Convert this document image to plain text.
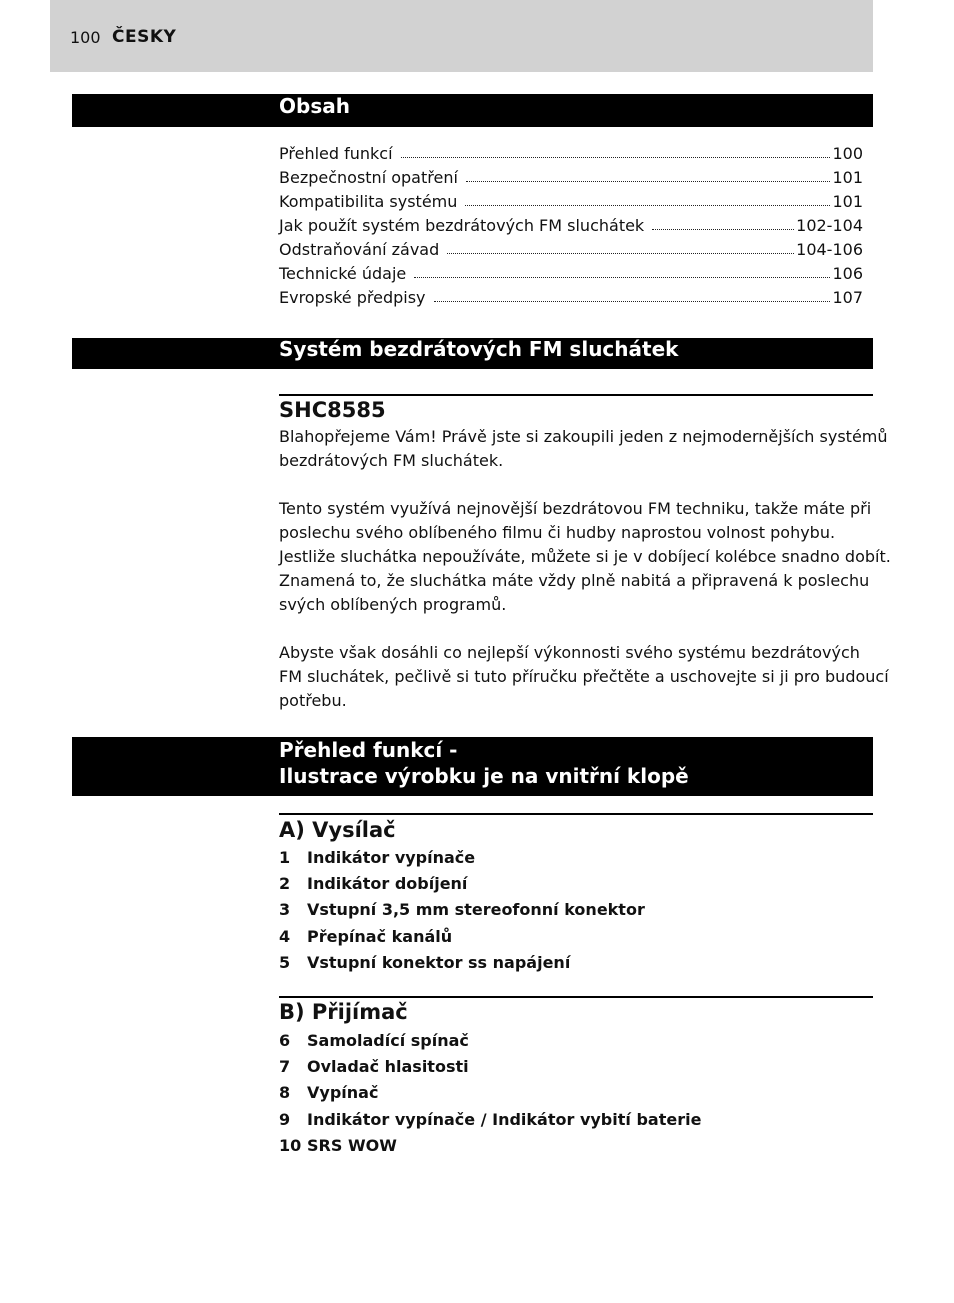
100 ČESKY
Obsah
Přehled funkcí	100
Bezpečnostní opatření	101
Kompatibilita systému	101
Jak použít systém bezdrátových FM sluchátek	102-104
Odstraňování závad	104-106
Technické údaje	106
Evropské předpisy	107
Systém bezdrátových FM sluchátek
SHC8585
Blahopřejeme Vám! Právě jste si zakoupili jeden z nejmodernějších systémů
bezdrátových FM sluchátek.
Tento systém využívá nejnovější bezdrátovou FM techniku, takže máte při
poslechu svého oblíbeného filmu či hudby naprostou volnost pohybu.
Jestliže sluchátka nepoužíváte, můžete si je v dobíjecí kolébce snadno dobít.
Znamená to, že sluchátka máte vždy plně nabitá a připravená k poslechu
svých oblíbených programů.
Abyste však dosáhli co nejlepší výkonnosti svého systému bezdrátových
FM sluchátek, pečlivě si tuto příručku přečtěte a uschovejte si ji pro budoucí
potřebu.
Přehled funkcí -
Ilustrace výrobku je na vnitřní klopě
A) Vysílač
1	Indikátor vypínače
2	Indikátor dobíjení
3	Vstupní 3,5 mm stereofonní konektor
4	Přepínač kanálů
5	Vstupní konektor ss napájení
B) Přijímač
6	Samoladící spínač
7	Ovladač hlasitosti
8	Vypínač
9	Indikátor vypínače / Indikátor vybití baterie
10 SRS WOW
